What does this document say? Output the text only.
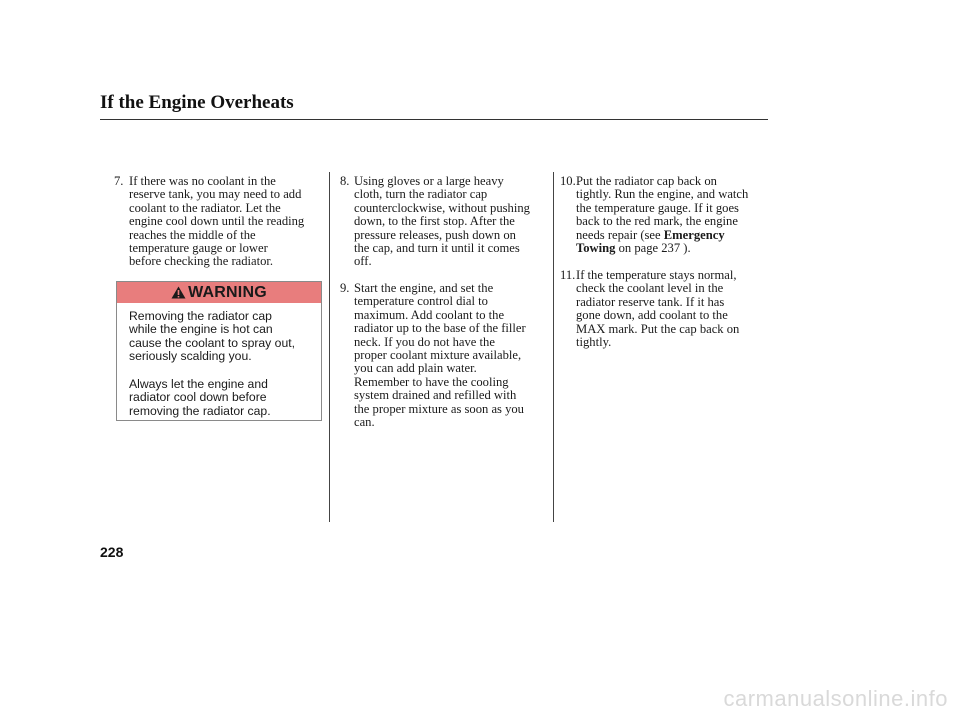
If the Engine Overheats
7. If there was no coolant in the
reserve tank, you may need to add
coolant to the radiator. Let the
engine cool down until the reading
reaches the middle of the
temperature gauge or lower
before checking the radiator.
WARNING
Removing the radiator cap
while the engine is hot can
cause the coolant to spray out,
seriously scalding you.
Always let the engine and
radiator cool down before
removing the radiator cap.
8. Using gloves or a large heavy
cloth, turn the radiator cap
counterclockwise, without pushing
down, to the first stop. After the
pressure releases, push down on
the cap, and turn it until it comes
off.
9. Start the engine, and set the
temperature control dial to
maximum. Add coolant to the
radiator up to the base of the filler
neck. If you do not have the
proper coolant mixture available,
you can add plain water.
Remember to have the cooling
system drained and refilled with
the proper mixture as soon as you
can.
10. Put the radiator cap back on
tightly. Run the engine, and watch
the temperature gauge. If it goes
back to the red mark, the engine
needs repair (see Emergency
Towing on page 237 ).
11. If the temperature stays normal,
check the coolant level in the
radiator reserve tank. If it has
gone down, add coolant to the
MAX mark. Put the cap back on
tightly.
228
carmanualsonline.info
